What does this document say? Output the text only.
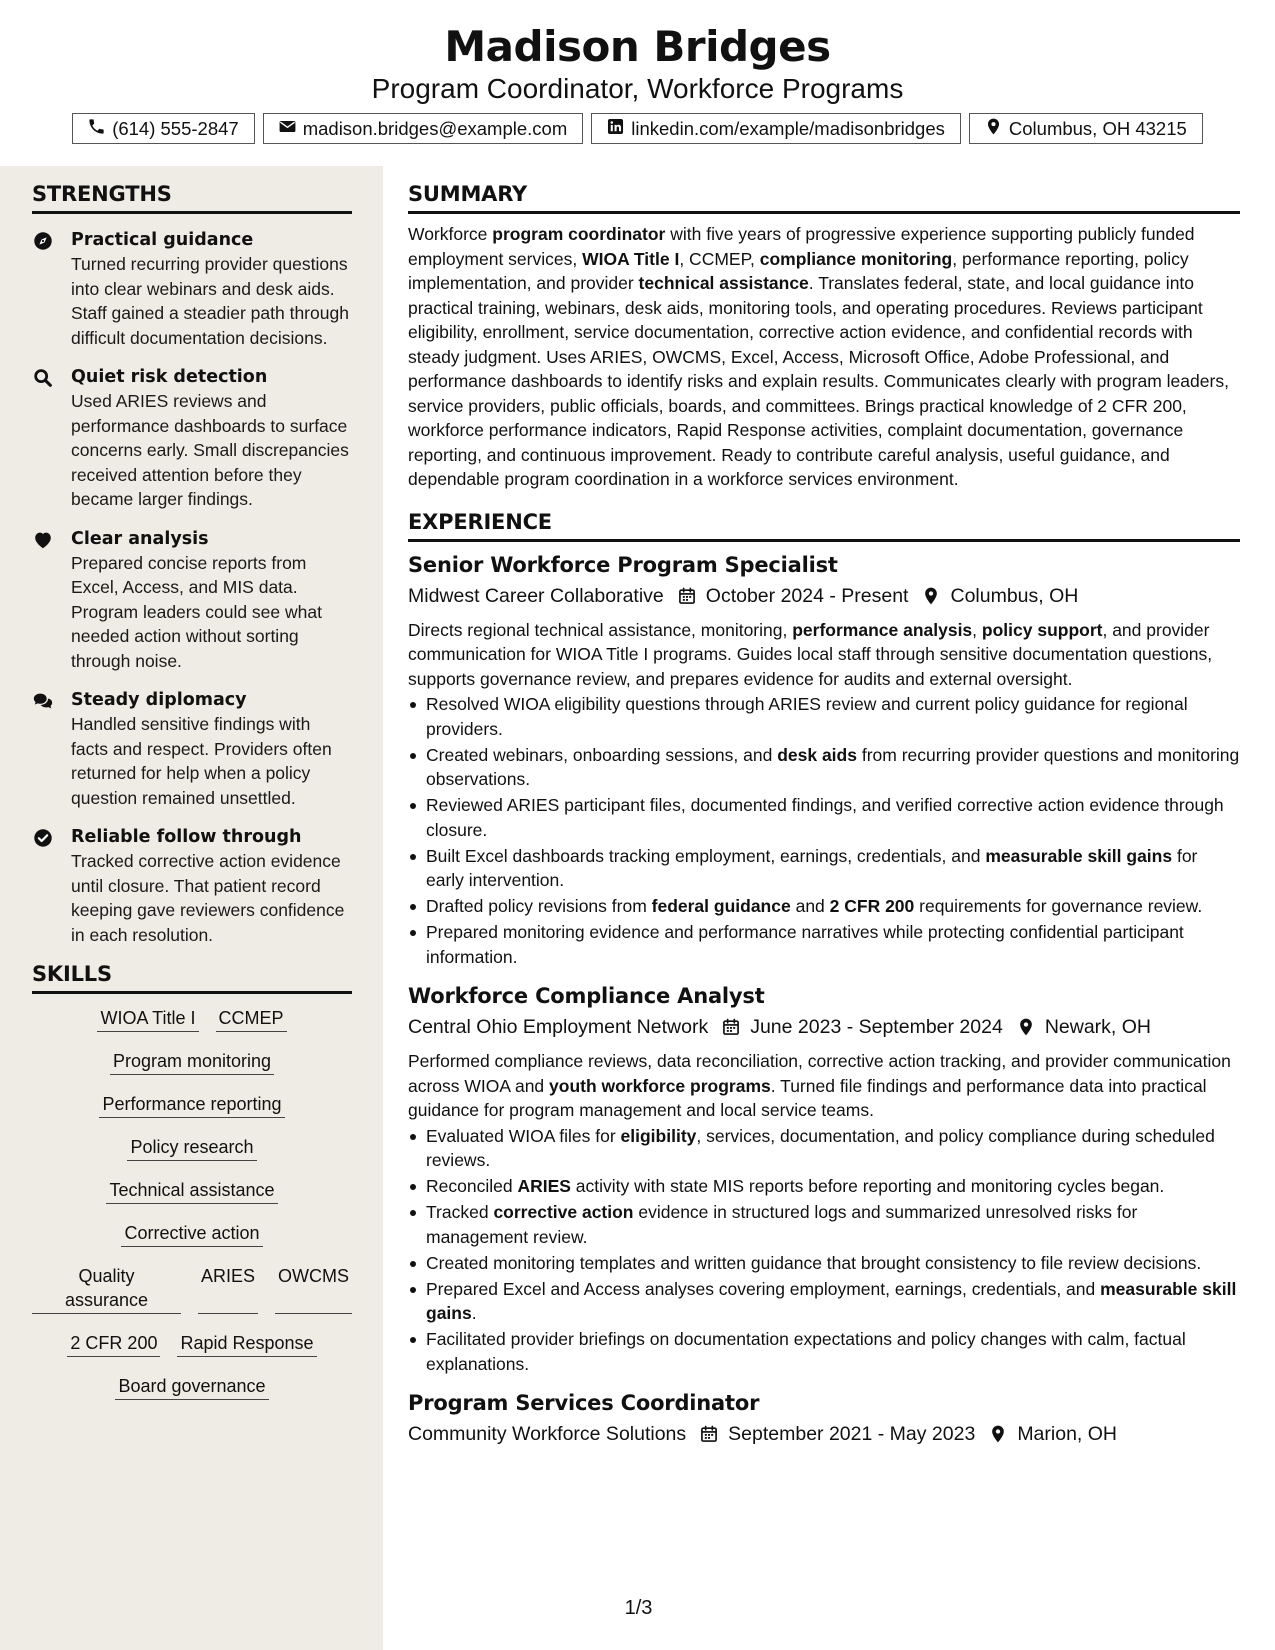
Madison Bridges
Program Coordinator, Workforce Programs
(614) 555-2847	madison.bridges@example.com	linkedin.com/example/madisonbridges	Columbus, OH 43215
STRENGTHS
Practical guidance
Turned recurring provider questions into clear webinars and desk aids. Staff gained a steadier path through difficult documentation decisions.
Quiet risk detection
Used ARIES reviews and performance dashboards to surface concerns early. Small discrepancies received attention before they became larger findings.
Clear analysis
Prepared concise reports from Excel, Access, and MIS data. Program leaders could see what needed action without sorting through noise.
Steady diplomacy
Handled sensitive findings with facts and respect. Providers often returned for help when a policy question remained unsettled.
Reliable follow through
Tracked corrective action evidence until closure. That patient record keeping gave reviewers confidence in each resolution.
SKILLS
WIOA Title I CCMEP
Program monitoring
Performance reporting
Policy research
Technical assistance
Corrective action
Quality assurance
ARIES OWCMS
2 CFR 200 Rapid Response
Board governance
SUMMARY

Workforce program coordinator with five years of progressive experience supporting publicly funded employment services, WIOA Title I, CCMEP, compliance monitoring, performance reporting, policy implementation, and provider technical assistance. Translates federal, state, and local guidance into practical training, webinars, desk aids, monitoring tools, and operating procedures. Reviews participant eligibility, enrollment, service documentation, corrective action evidence, and confidential records with steady judgment. Uses ARIES, OWCMS, Excel, Access, Microsoft Office, Adobe Professional, and performance dashboards to identify risks and explain results. Communicates clearly with program leaders, service providers, public officials, boards, and committees. Brings practical knowledge of 2 CFR 200, workforce performance indicators, Rapid Response activities, complaint documentation, governance reporting, and continuous improvement. Ready to contribute careful analysis, useful guidance, and dependable program coordination in a workforce services environment.

EXPERIENCE
Senior Workforce Program Specialist
Midwest Career Collaborative October 2024 - Present Columbus, OH

Directs regional technical assistance, monitoring, performance analysis, policy support, and provider communication for WIOA Title I programs. Guides local staff through sensitive documentation questions, supports governance review, and prepares evidence for audits and external oversight.

Resolved WIOA eligibility questions through ARIES review and current policy guidance for regional providers.
Created webinars, onboarding sessions, and desk aids from recurring provider questions and monitoring observations.
Reviewed ARIES participant files, documented findings, and verified corrective action evidence through closure.
Built Excel dashboards tracking employment, earnings, credentials, and measurable skill gains for early intervention.
Drafted policy revisions from federal guidance and 2 CFR 200 requirements for governance review.
Prepared monitoring evidence and performance narratives while protecting confidential participant information.
Workforce Compliance Analyst
Central Ohio Employment Network June 2023 - September 2024 Newark, OH

Performed compliance reviews, data reconciliation, corrective action tracking, and provider communication across WIOA and youth workforce programs. Turned file findings and performance data into practical guidance for program management and local service teams.

Evaluated WIOA files for eligibility, services, documentation, and policy compliance during scheduled reviews.
Reconciled ARIES activity with state MIS reports before reporting and monitoring cycles began.
Tracked corrective action evidence in structured logs and summarized unresolved risks for management review.
Created monitoring templates and written guidance that brought consistency to file review decisions.
Prepared Excel and Access analyses covering employment, earnings, credentials, and measurable skill gains.
Facilitated provider briefings on documentation expectations and policy changes with calm, factual explanations.
Program Services Coordinator
Community Workforce Solutions September 2021 - May 2023 Marion, OH
1/3
